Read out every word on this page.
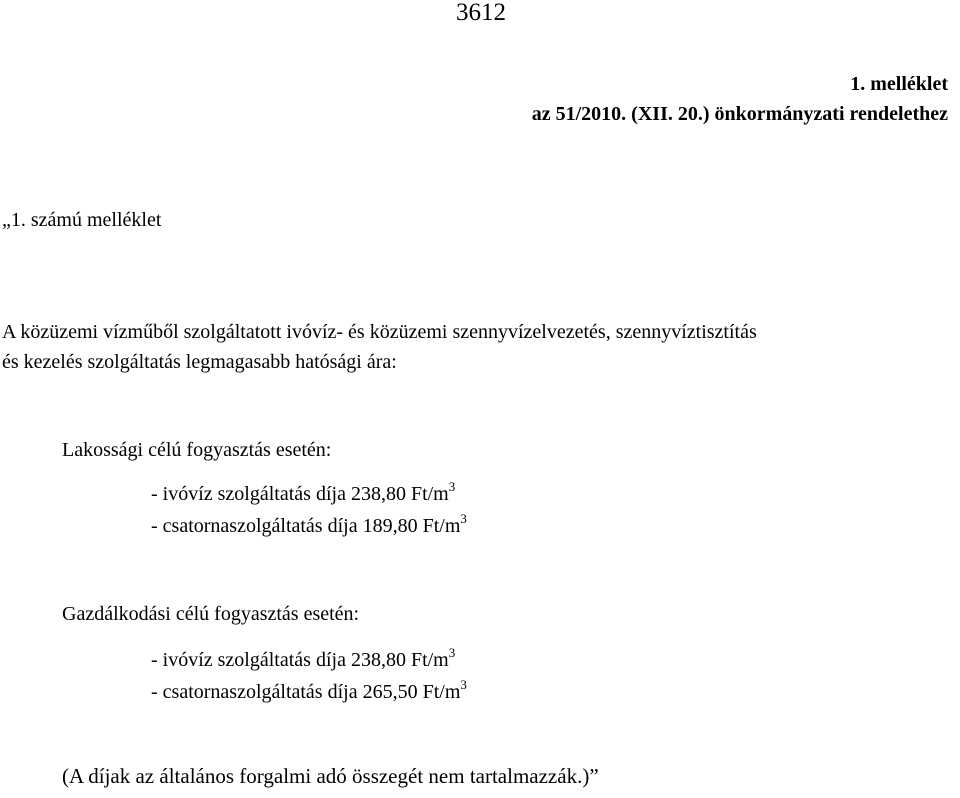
3612
1. melléklet
az 51/2010. (XII. 20.) önkormányzati rendelethez
„1. számú melléklet
A közüzemi vízműből szolgáltatott ivóvíz- és közüzemi szennyvízelvezetés, szennyvíztisztítás
és kezelés szolgáltatás legmagasabb hatósági ára:
Lakossági célú fogyasztás esetén:
- ivóvíz szolgáltatás díja 238,80 $Ft/m^3$
- csatornaszolgáltatás díja 189,80 $Ft/m^3$
Gazdálkodási célú fogyasztás esetén:
- ivóvíz szolgáltatás díja 238,80 $Ft/m^3$
- csatornaszolgáltatás díja 265,50 $Ft/m^3$
(A díjak az általános forgalmi adó összegét nem tartalmazzák.)”
